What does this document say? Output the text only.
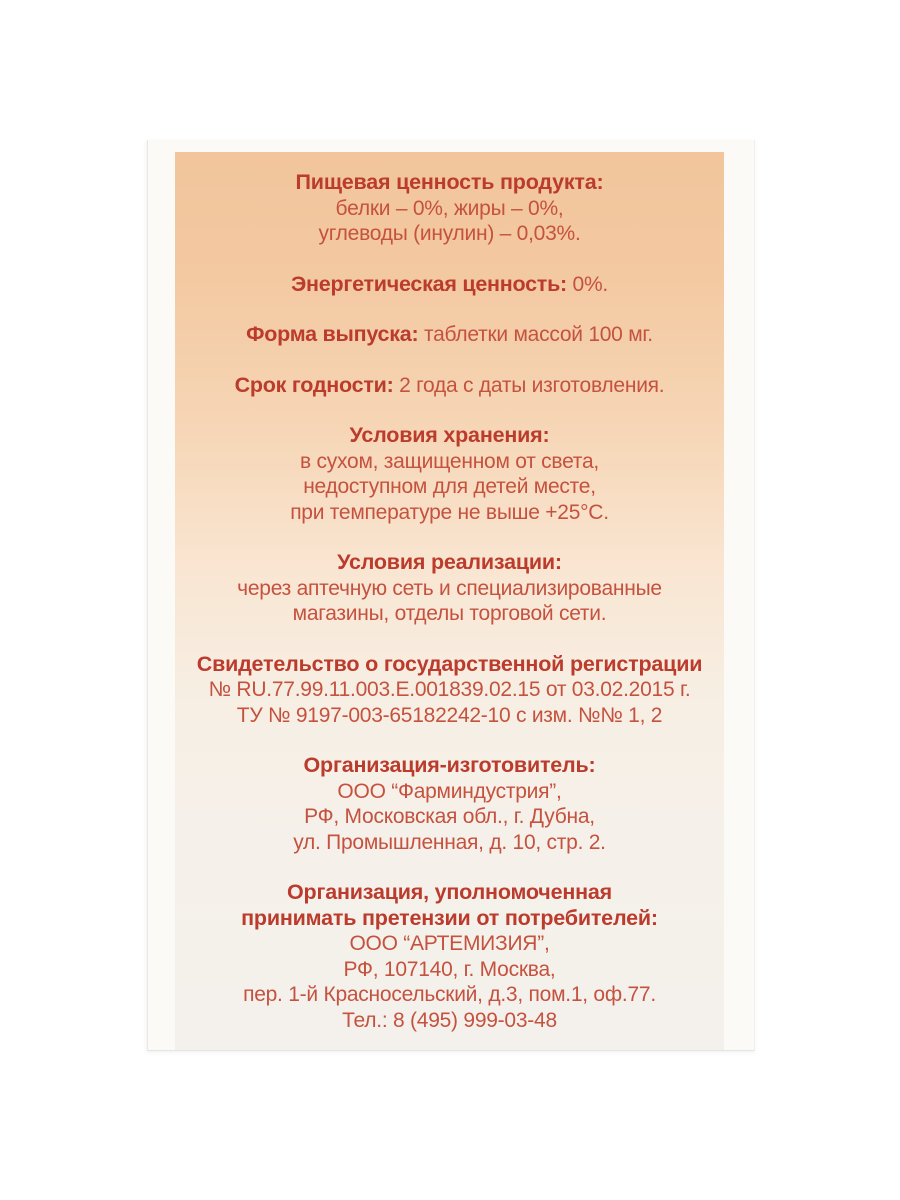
Пищевая ценность продукта:
белки – 0%, жиры – 0%,
углеводы (инулин) – 0,03%.
Энергетическая ценность: 0%.
Форма выпуска: таблетки массой 100 мг.
Срок годности: 2 года с даты изготовления.
Условия хранения:
в сухом, защищенном от света,
недоступном для детей месте,
при температуре не выше +25°С.
Условия реализации:
через аптечную сеть и специализированные
магазины, отделы торговой сети.
Свидетельство о государственной регистрации
№ RU.77.99.11.003.Е.001839.02.15 от 03.02.2015 г.
ТУ № 9197-003-65182242-10 с изм. №№ 1, 2
Организация-изготовитель:
ООО “Фарминдустрия”,
РФ, Московская обл., г. Дубна,
ул. Промышленная, д. 10, стр. 2.
Организация, уполномоченная
принимать претензии от потребителей:
ООО “АРТЕМИЗИЯ”,
РФ, 107140, г. Москва,
пер. 1-й Красносельский, д.3, пом.1, оф.77.
Тел.: 8 (495) 999-03-48
